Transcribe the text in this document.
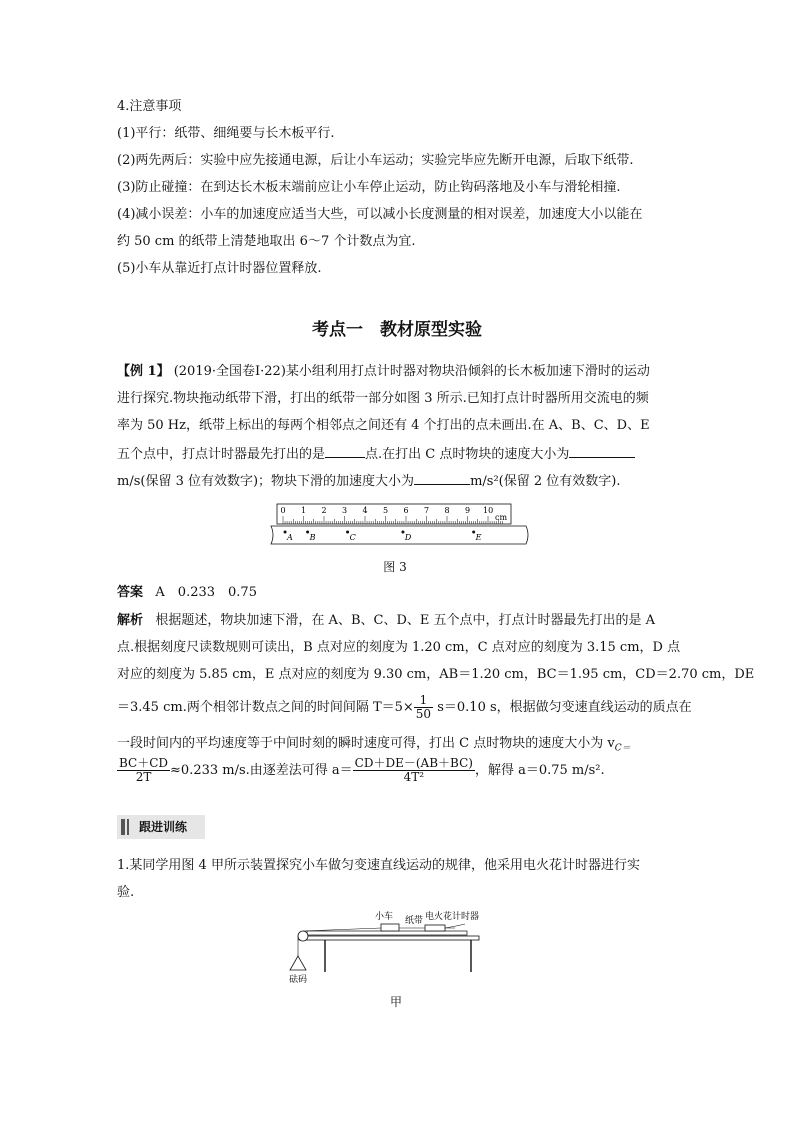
4.注意事项
(1)平行：纸带、细绳要与长木板平行.
(2)两先两后：实验中应先接通电源，后让小车运动；实验完毕应先断开电源，后取下纸带.
(3)防止碰撞：在到达长木板末端前应让小车停止运动，防止钩码落地及小车与滑轮相撞.
(4)减小误差：小车的加速度应适当大些，可以减小长度测量的相对误差，加速度大小以能在
约 50 cm 的纸带上清楚地取出 6～7 个计数点为宜.
(5)小车从靠近打点计时器位置释放.
考点一　教材原型实验
【例 1】 (2019·全国卷Ⅰ·22)某小组利用打点计时器对物块沿倾斜的长木板加速下滑时的运动
进行探究.物块拖动纸带下滑，打出的纸带一部分如图 3 所示.已知打点计时器所用交流电的频
率为 50 Hz，纸带上标出的每两个相邻点之间还有 4 个打出的点未画出.在 A、B、C、D、E
五个点中，打点计时器最先打出的是	点.在打出 C 点时物块的速度大小为
m/s(保留 3 位有效数字)；物块下滑的加速度大小为	m/s²(保留 2 位有效数字).
0 1 2 3 4 5 6 7 8 9 10
cm
A B	C	D	E
图 3
答案 A　0.233　0.75
解析 根据题述，物块加速下滑，在 A、B、C、D、E 五个点中，打点计时器最先打出的是 A
点.根据刻度尺读数规则可读出，B 点对应的刻度为 1.20 cm，C 点对应的刻度为 3.15 cm，D 点
对应的刻度为 5.85 cm，E 点对应的刻度为 9.30 cm，AB＝1.20 cm，BC＝1.95 cm，CD＝2.70 cm，DE
＝3.45 cm.两个相邻计数点之间的时间间隔 $T=5\times \frac{1}{50} s=0.10$ s，根据做匀变速直线运动的质点在
一段时间内的平均速度等于中间时刻的瞬时速度可得，打出 C 点时物块的速度大小为 $v_{C=}$
$\frac{BC+CD}{2T} \approx 0.233$ m/s.由逐差法可得 $a= \frac{CD+DE-(AB+BC)}{\text{4T²}}$ ，解得 a＝0.75 m/s².
跟进训练
1.某同学用图 4 甲所示装置探究小车做匀变速直线运动的规律，他采用电火花计时器进行实
验.
小车 纸带 电火花计时器
砝码
甲
